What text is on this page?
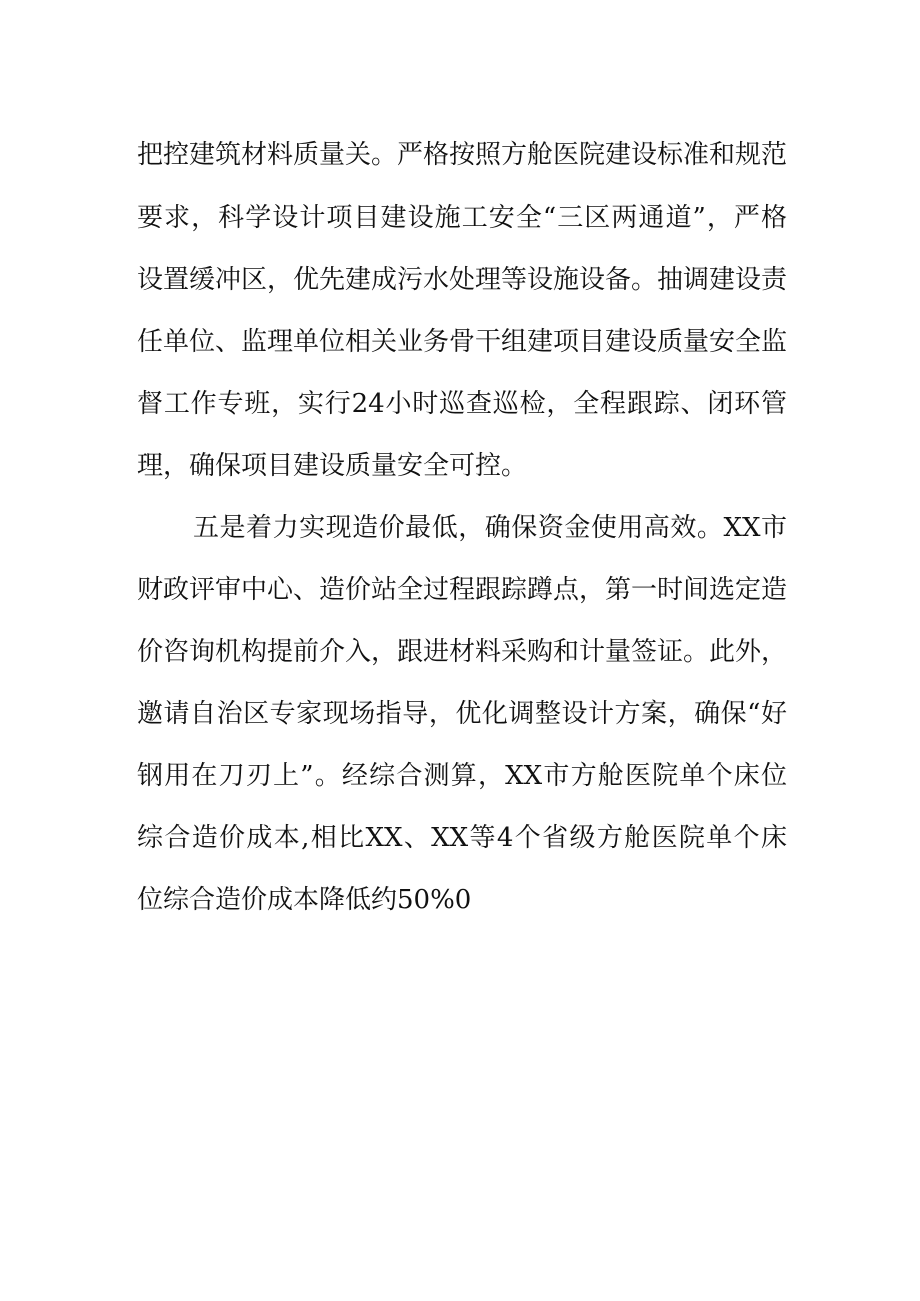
把控建筑材料质量关。严格按照方舱医院建设标准和规范
要求，科学设计项目建设施工安全“三区两通道”，严格
设置缓冲区，优先建成污水处理等设施设备。抽调建设责
任单位、监理单位相关业务骨干组建项目建设质量安全监
督工作专班，实行24小时巡查巡检，全程跟踪、闭环管
理，确保项目建设质量安全可控。
五是着力实现造价最低，确保资金使用高效。XX市
财政评审中心、造价站全过程跟踪蹲点，第一时间选定造
价咨询机构提前介入，跟进材料采购和计量签证。此外，
邀请自治区专家现场指导，优化调整设计方案，确保“好
钢用在刀刃上”。经综合测算，XX市方舱医院单个床位
综合造价成本,相比XX、XX等4个省级方舱医院单个床
位综合造价成本降低约50%0
